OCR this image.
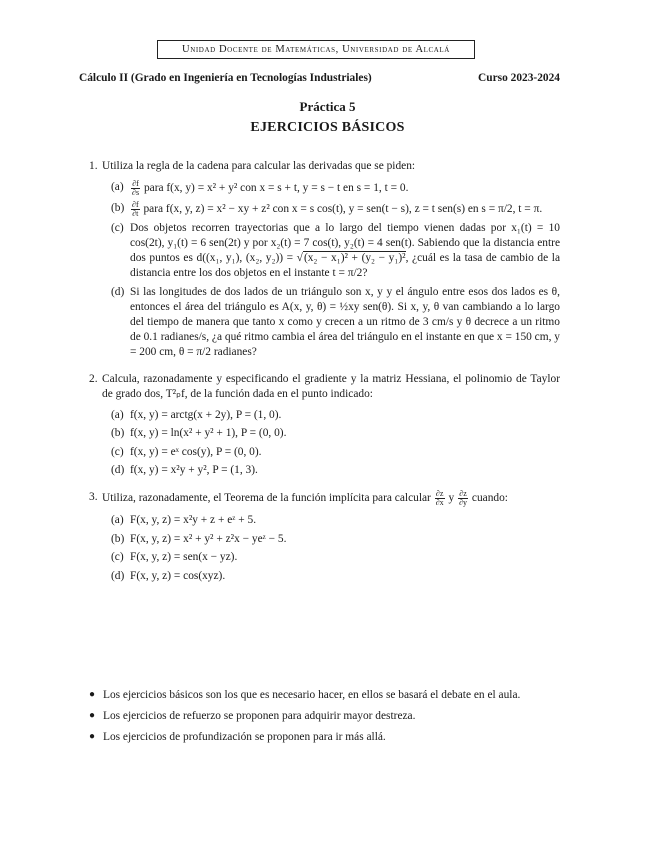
Unidad Docente de Matemáticas, Universidad de Alcalá
Cálculo II (Grado en Ingeniería en Tecnologías Industriales)	Curso 2023-2024
Práctica 5
EJERCICIOS BÁSICOS
1. Utiliza la regla de la cadena para calcular las derivadas que se piden:
$(a) \frac{\partial f}{\partial s}$ para f(x, y) = x² + y² con x = s + t, y = s − t en s = 1, t = 0.
$(b) \frac{\partial f}{\partial t}$ para f(x, y, z) = x² − xy + z² con x = s cos(t), y = sen(t − s), z = t sen(s) en s = π/2, t = π.
(c) Dos objetos recorren trayectorias que a lo largo del tiempo vienen dadas por x₁(t) = 10 cos(2t), y₁(t) = 6 sen(2t) y por x₂(t) = 7 cos(t), y₂(t) = 4 sen(t). Sabiendo que la distancia entre dos puntos es d((x₁, y₁), (x₂, y₂)) = √(x₂ − x₁)² + (y₂ − y₁)², ¿cuál es la tasa de cambio de la distancia entre los dos objetos en el instante t = π/2?
(d) Si las longitudes de dos lados de un triángulo son x, y y el ángulo entre esos dos lados es θ, entonces el área del triángulo es A(x, y, θ) = ½xy sen(θ). Si x, y, θ van cambiando a lo largo del tiempo de manera que tanto x como y crecen a un ritmo de 3 cm/s y θ decrece a un ritmo de 0.1 radianes/s, ¿a qué ritmo cambia el área del triángulo en el instante en que x = 150 cm, y = 200 cm, θ = π/2 radianes?
2. Calcula, razonadamente y especificando el gradiente y la matriz Hessiana, el polinomio de Taylor de grado dos, T²ₚf, de la función dada en el punto indicado:
(a) f(x, y) = arctg(x + 2y), P = (1, 0).
(b) f(x, y) = ln(x² + y² + 1), P = (0, 0).
(c) f(x, y) = eˣ cos(y), P = (0, 0).
(d) f(x, y) = x²y + y², P = (1, 3).
3. Utiliza, razonadamente, el Teorema de la función implícita para calcular $\frac{\partial z}{\partial x}$ y $\frac{\partial z}{\partial y}$ cuando:
(a) F(x, y, z) = x²y + z + eᶻ + 5.
(b) F(x, y, z) = x² + y² + z²x − yeᶻ − 5.
(c) F(x, y, z) = sen(x − yz).
(d) F(x, y, z) = cos(xyz).
● Los ejercicios básicos son los que es necesario hacer, en ellos se basará el debate en el aula.
● Los ejercicios de refuerzo se proponen para adquirir mayor destreza.
● Los ejercicios de profundización se proponen para ir más allá.
